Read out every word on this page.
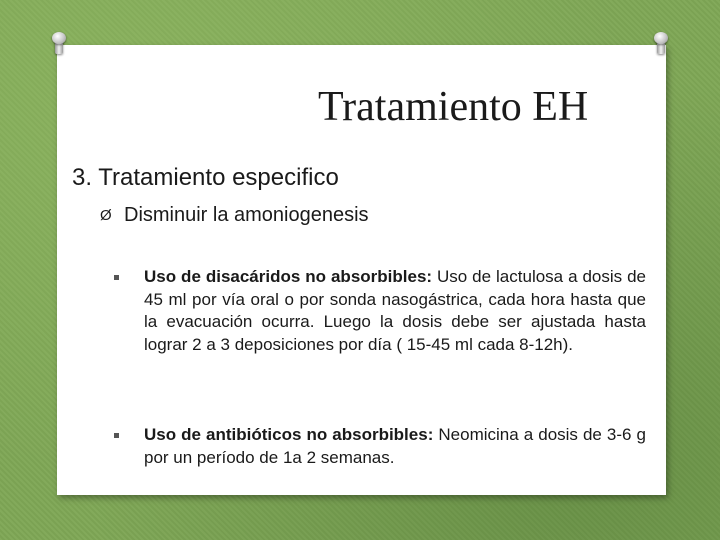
Tratamiento EH
3. Tratamiento especifico
Ø Disminuir la amoniogenesis
Uso de disacáridos no absorbibles: Uso de lactulosa a dosis de 45 ml por vía oral o por sonda nasogástrica, cada hora hasta que la evacuación ocurra. Luego la dosis debe ser ajustada hasta lograr 2 a 3 deposiciones por día ( 15-45 ml cada 8-12h).
Uso de antibióticos no absorbibles: Neomicina a dosis de 3-6 g por un período de 1a 2 semanas.
